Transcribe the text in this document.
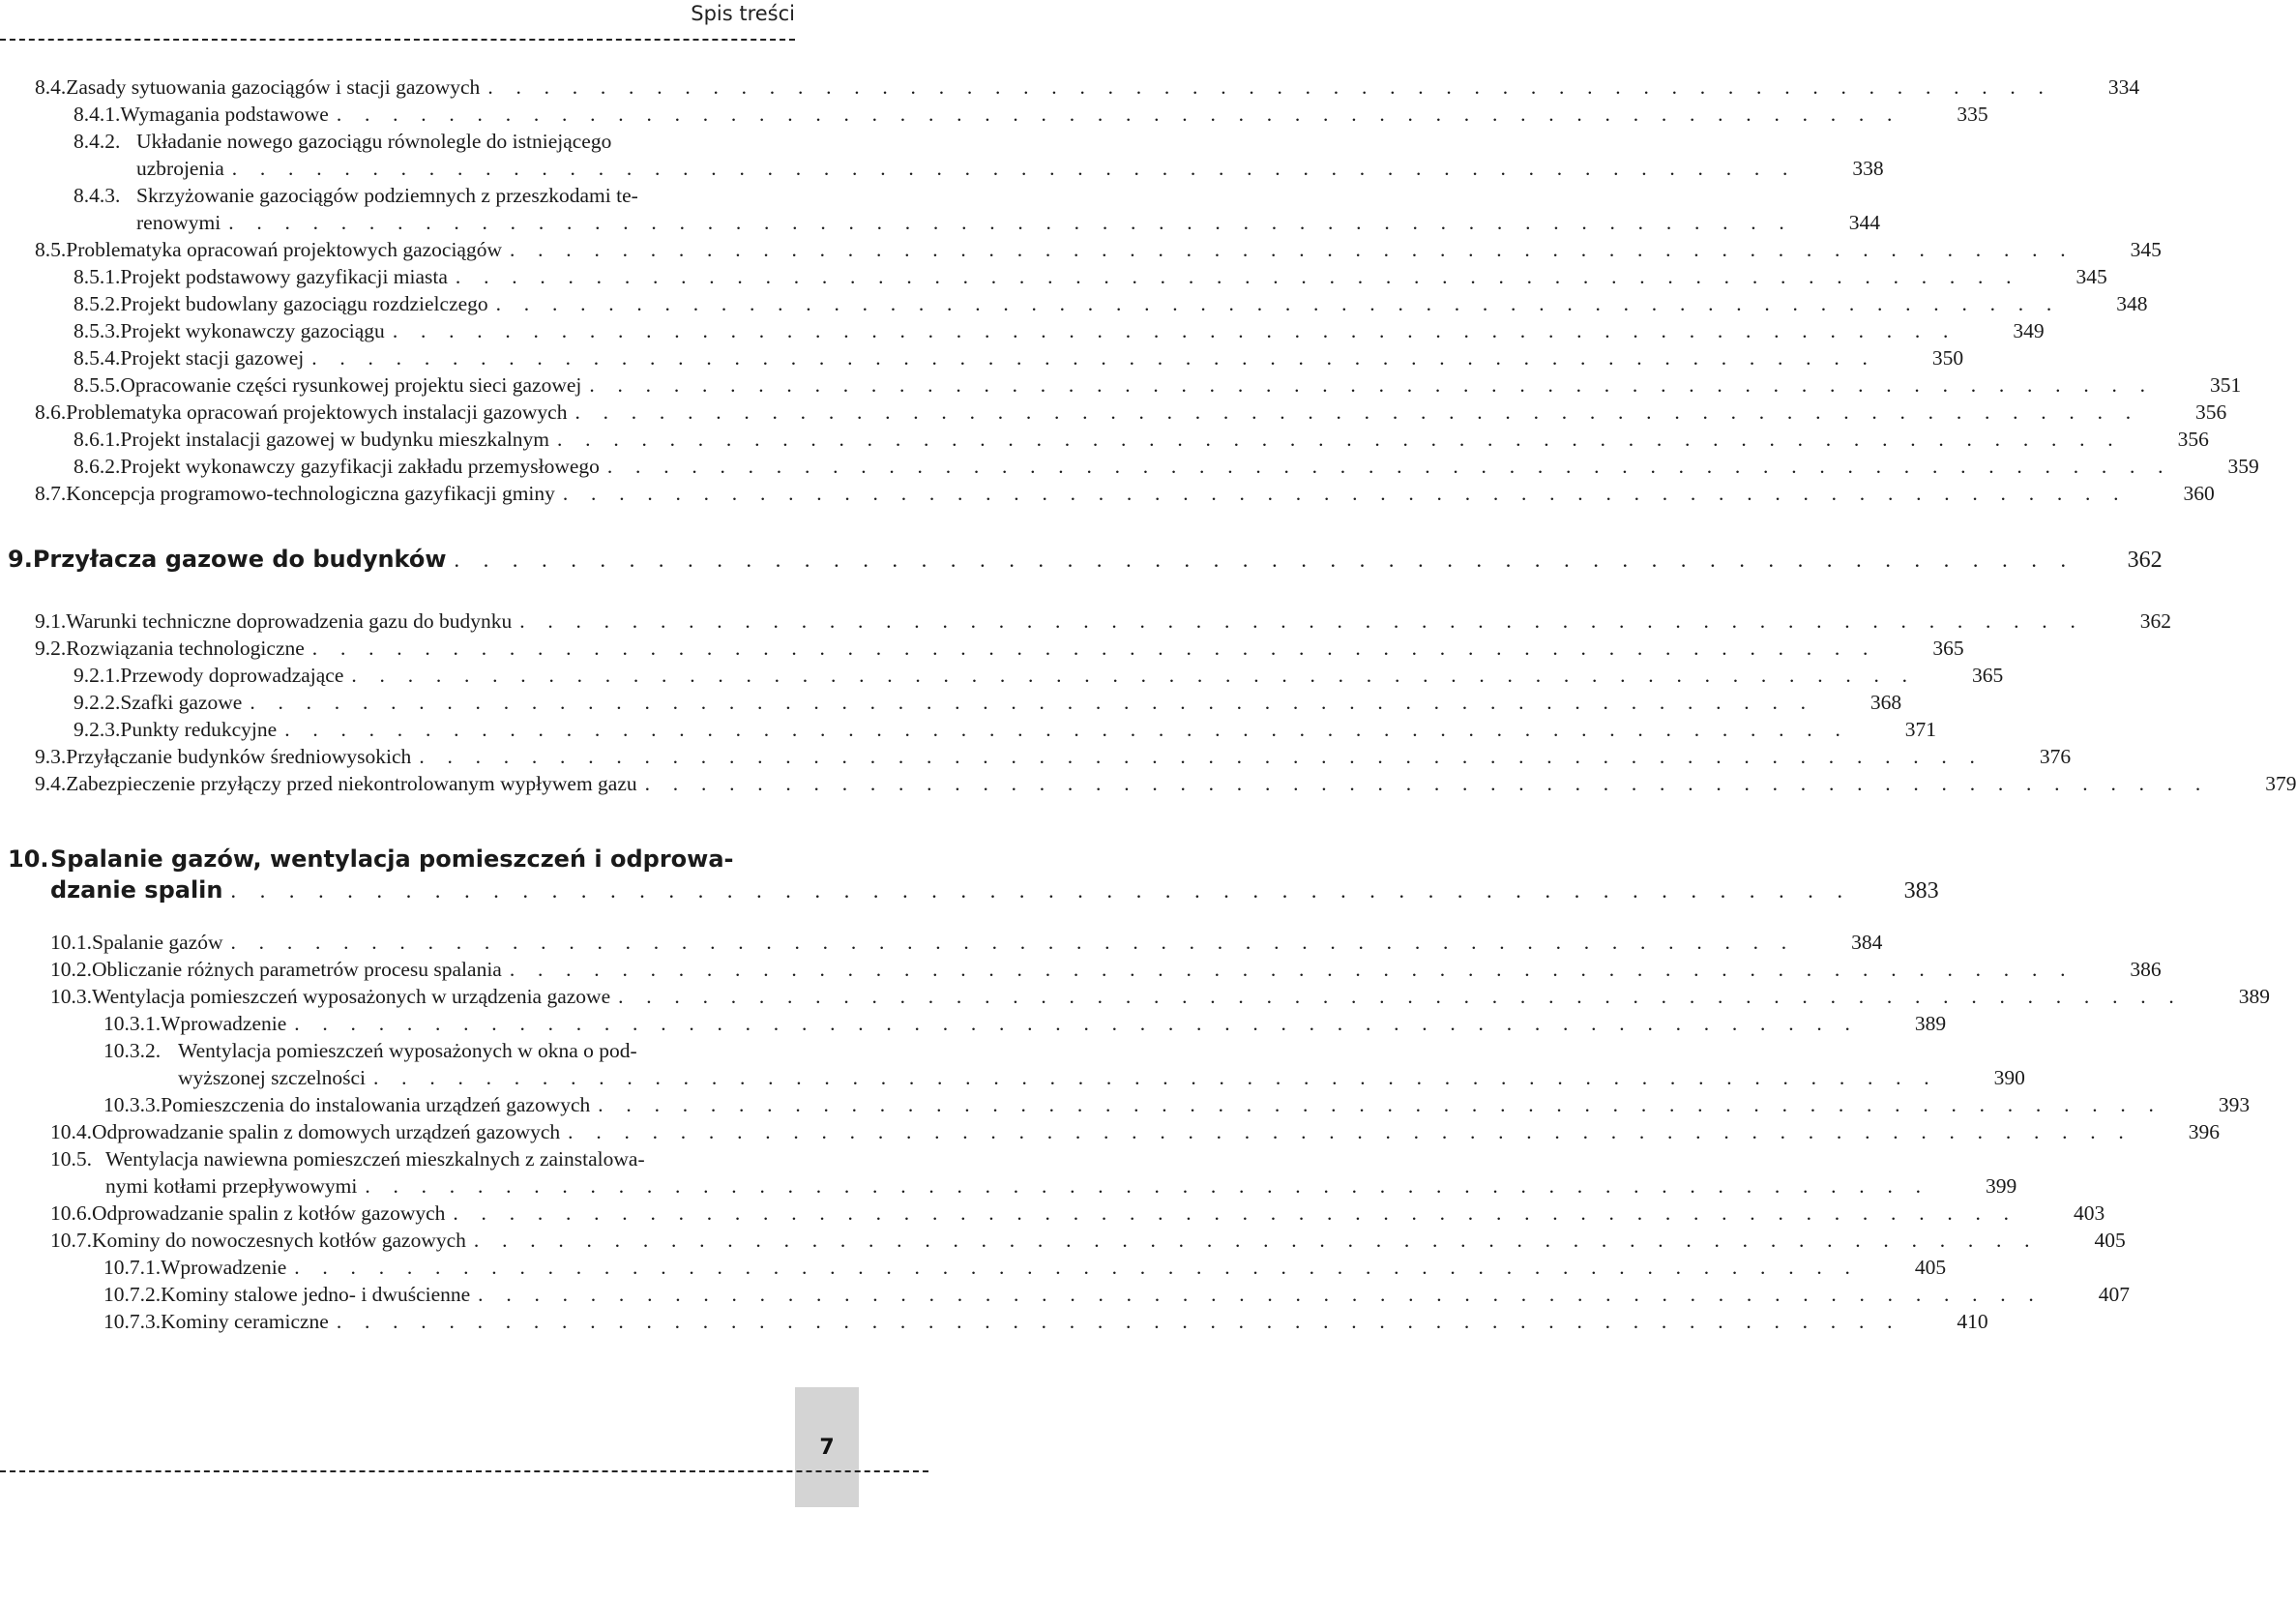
Spis treści
8.4. Zasady sytuowania gazociągów i stacji gazowych . . . . . . . . . . . . . . . . . . . . . . . . . . . . . . . . . . . . . . . . . . . . . . . . . . . . . . . .	334
8.4.1. Wymagania podstawowe . . . . . . . . . . . . . . . . . . . . . . . . . . . . . . . . . . . . . . . . . . . . . . . . . . . . . . . .	335
8.4.2. Układanie nowego gazociągu równolegle do istniejącego
uzbrojenia . . . . . . . . . . . . . . . . . . . . . . . . . . . . . . . . . . . . . . . . . . . . . . . . . . . . . . . .	338
8.4.3. Skrzyżowanie gazociągów podziemnych z przeszkodami te-
renowymi . . . . . . . . . . . . . . . . . . . . . . . . . . . . . . . . . . . . . . . . . . . . . . . . . . . . . . . .	344
8.5. Problematyka opracowań projektowych gazociągów . . . . . . . . . . . . . . . . . . . . . . . . . . . . . . . . . . . . . . . . . . . . . . . . . . . . . . . .	345
8.5.1. Projekt podstawowy gazyfikacji miasta . . . . . . . . . . . . . . . . . . . . . . . . . . . . . . . . . . . . . . . . . . . . . . . . . . . . . . . .	345
8.5.2. Projekt budowlany gazociągu rozdzielczego . . . . . . . . . . . . . . . . . . . . . . . . . . . . . . . . . . . . . . . . . . . . . . . . . . . . . . . .	348
8.5.3. Projekt wykonawczy gazociągu . . . . . . . . . . . . . . . . . . . . . . . . . . . . . . . . . . . . . . . . . . . . . . . . . . . . . . . .	349
8.5.4. Projekt stacji gazowej . . . . . . . . . . . . . . . . . . . . . . . . . . . . . . . . . . . . . . . . . . . . . . . . . . . . . . . .	350
8.5.5. Opracowanie części rysunkowej projektu sieci gazowej . . . . . . . . . . . . . . . . . . . . . . . . . . . . . . . . . . . . . . . . . . . . . . . . . . . . . . . .	351
8.6. Problematyka opracowań projektowych instalacji gazowych . . . . . . . . . . . . . . . . . . . . . . . . . . . . . . . . . . . . . . . . . . . . . . . . . . . . . . . .	356
8.6.1. Projekt instalacji gazowej w budynku mieszkalnym . . . . . . . . . . . . . . . . . . . . . . . . . . . . . . . . . . . . . . . . . . . . . . . . . . . . . . . .	356
8.6.2. Projekt wykonawczy gazyfikacji zakładu przemysłowego . . . . . . . . . . . . . . . . . . . . . . . . . . . . . . . . . . . . . . . . . . . . . . . . . . . . . . . .	359
8.7. Koncepcja programowo-technologiczna gazyfikacji gminy . . . . . . . . . . . . . . . . . . . . . . . . . . . . . . . . . . . . . . . . . . . . . . . . . . . . . . . .	360
9. Przyłacza gazowe do budynków . . . . . . . . . . . . . . . . . . . . . . . . . . . . . . . . . . . . . . . . . . . . . . . . . . . . . . . .	362
9.1. Warunki techniczne doprowadzenia gazu do budynku . . . . . . . . . . . . . . . . . . . . . . . . . . . . . . . . . . . . . . . . . . . . . . . . . . . . . . . .	362
9.2. Rozwiązania technologiczne . . . . . . . . . . . . . . . . . . . . . . . . . . . . . . . . . . . . . . . . . . . . . . . . . . . . . . . .	365
9.2.1. Przewody doprowadzające . . . . . . . . . . . . . . . . . . . . . . . . . . . . . . . . . . . . . . . . . . . . . . . . . . . . . . . .	365
9.2.2. Szafki gazowe . . . . . . . . . . . . . . . . . . . . . . . . . . . . . . . . . . . . . . . . . . . . . . . . . . . . . . . .	368
9.2.3. Punkty redukcyjne . . . . . . . . . . . . . . . . . . . . . . . . . . . . . . . . . . . . . . . . . . . . . . . . . . . . . . . .	371
9.3. Przyłączanie budynków średniowysokich . . . . . . . . . . . . . . . . . . . . . . . . . . . . . . . . . . . . . . . . . . . . . . . . . . . . . . . .	376
9.4. Zabezpieczenie przyłączy przed niekontrolowanym wypływem gazu . . . . . . . . . . . . . . . . . . . . . . . . . . . . . . . . . . . . . . . . . . . . . . . . . . . . . . . .	379
10. Spalanie gazów, wentylacja pomieszczeń i odprowa-
dzanie spalin . . . . . . . . . . . . . . . . . . . . . . . . . . . . . . . . . . . . . . . . . . . . . . . . . . . . . . . .	383
10.1. Spalanie gazów . . . . . . . . . . . . . . . . . . . . . . . . . . . . . . . . . . . . . . . . . . . . . . . . . . . . . . . .	384
10.2. Obliczanie różnych parametrów procesu spalania . . . . . . . . . . . . . . . . . . . . . . . . . . . . . . . . . . . . . . . . . . . . . . . . . . . . . . . .	386
10.3. Wentylacja pomieszczeń wyposażonych w urządzenia gazowe . . . . . . . . . . . . . . . . . . . . . . . . . . . . . . . . . . . . . . . . . . . . . . . . . . . . . . . .	389
10.3.1. Wprowadzenie . . . . . . . . . . . . . . . . . . . . . . . . . . . . . . . . . . . . . . . . . . . . . . . . . . . . . . . .	389
10.3.2. Wentylacja pomieszczeń wyposażonych w okna o pod-
wyższonej szczelności . . . . . . . . . . . . . . . . . . . . . . . . . . . . . . . . . . . . . . . . . . . . . . . . . . . . . . . .	390
10.3.3. Pomieszczenia do instalowania urządzeń gazowych . . . . . . . . . . . . . . . . . . . . . . . . . . . . . . . . . . . . . . . . . . . . . . . . . . . . . . . .	393
10.4. Odprowadzanie spalin z domowych urządzeń gazowych . . . . . . . . . . . . . . . . . . . . . . . . . . . . . . . . . . . . . . . . . . . . . . . . . . . . . . . .	396
10.5. Wentylacja nawiewna pomieszczeń mieszkalnych z zainstalowa-
nymi kotłami przepływowymi . . . . . . . . . . . . . . . . . . . . . . . . . . . . . . . . . . . . . . . . . . . . . . . . . . . . . . . .	399
10.6. Odprowadzanie spalin z kotłów gazowych . . . . . . . . . . . . . . . . . . . . . . . . . . . . . . . . . . . . . . . . . . . . . . . . . . . . . . . .	403
10.7. Kominy do nowoczesnych kotłów gazowych . . . . . . . . . . . . . . . . . . . . . . . . . . . . . . . . . . . . . . . . . . . . . . . . . . . . . . . .	405
10.7.1. Wprowadzenie . . . . . . . . . . . . . . . . . . . . . . . . . . . . . . . . . . . . . . . . . . . . . . . . . . . . . . . .	405
10.7.2. Kominy stalowe jedno- i dwuścienne . . . . . . . . . . . . . . . . . . . . . . . . . . . . . . . . . . . . . . . . . . . . . . . . . . . . . . . .	407
10.7.3. Kominy ceramiczne . . . . . . . . . . . . . . . . . . . . . . . . . . . . . . . . . . . . . . . . . . . . . . . . . . . . . . . .	410
7
